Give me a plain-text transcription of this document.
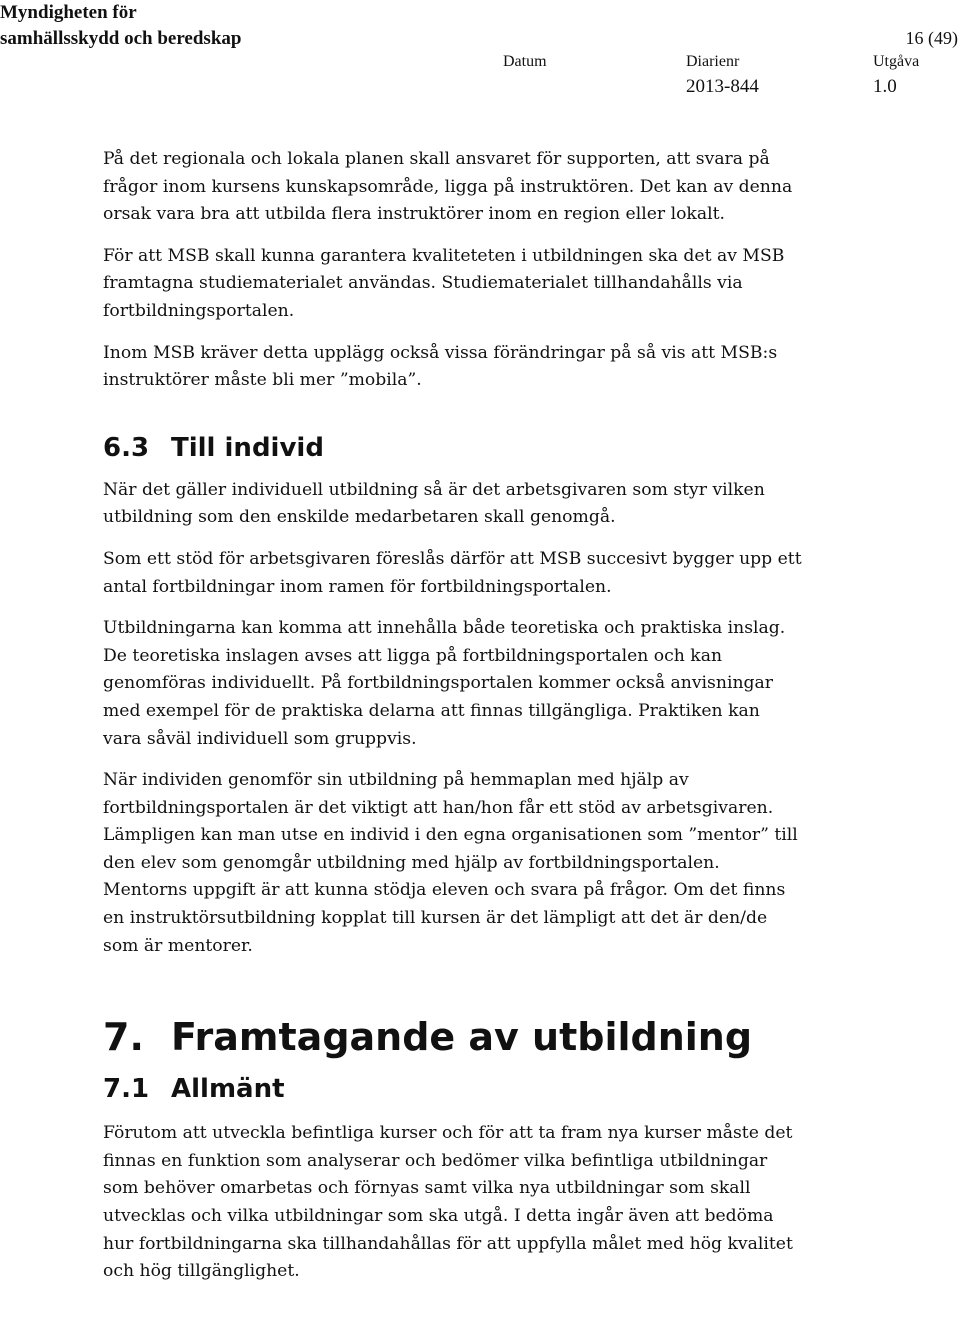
Myndigheten för
samhällsskydd och beredskap	16 (49)
Datum	Diarienr	Utgåva
2013-844	1.0

På det regionala och lokala planen skall ansvaret för supporten, att svara på frågor inom kursens kunskapsområde, ligga på instruktören. Det kan av denna orsak vara bra att utbilda flera instruktörer inom en region eller lokalt.

För att MSB skall kunna garantera kvaliteteten i utbildningen ska det av MSB framtagna studiematerialet användas. Studiematerialet tillhandahålls via fortbildningsportalen.

Inom MSB kräver detta upplägg också vissa förändringar på så vis att MSB:s instruktörer måste bli mer ”mobila”.

6.3 Till individ

När det gäller individuell utbildning så är det arbetsgivaren som styr vilken utbildning som den enskilde medarbetaren skall genomgå.

Som ett stöd för arbetsgivaren föreslås därför att MSB succesivt bygger upp ett antal fortbildningar inom ramen för fortbildningsportalen.

Utbildningarna kan komma att innehålla både teoretiska och praktiska inslag. De teoretiska inslagen avses att ligga på fortbildningsportalen och kan genomföras individuellt. På fortbildningsportalen kommer också anvisningar med exempel för de praktiska delarna att finnas tillgängliga. Praktiken kan vara såväl individuell som gruppvis.

När individen genomför sin utbildning på hemmaplan med hjälp av fortbildningsportalen är det viktigt att han/hon får ett stöd av arbetsgivaren. Lämpligen kan man utse en individ i den egna organisationen som ”mentor” till den elev som genomgår utbildning med hjälp av fortbildningsportalen. Mentorns uppgift är att kunna stödja eleven och svara på frågor. Om det finns en instruktörsutbildning kopplat till kursen är det lämpligt att det är den/de som är mentorer.

7. Framtagande av utbildning
7.1 Allmänt

Förutom att utveckla befintliga kurser och för att ta fram nya kurser måste det finnas en funktion som analyserar och bedömer vilka befintliga utbildningar som behöver omarbetas och förnyas samt vilka nya utbildningar som skall utvecklas och vilka utbildningar som ska utgå. I detta ingår även att bedöma hur fortbildningarna ska tillhandahållas för att uppfylla målet med hög kvalitet och hög tillgänglighet.
